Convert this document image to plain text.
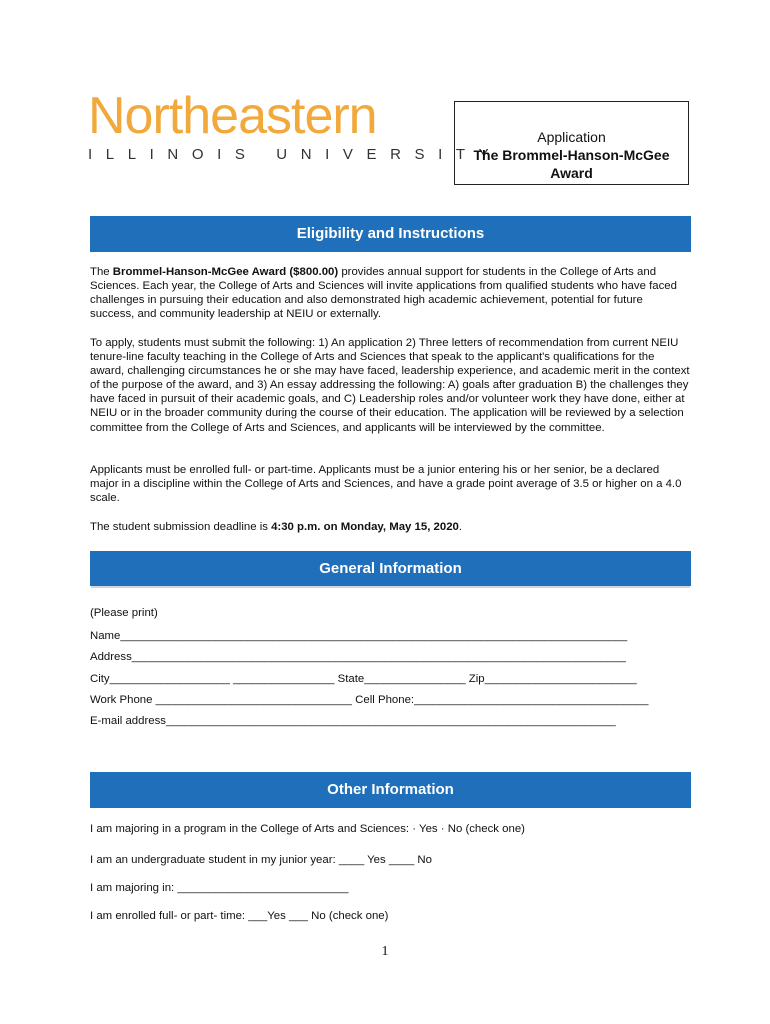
Northeastern
ILLINOIS UNIVERSITY
Application
The Brommel-Hanson-McGee
Award
Eligibility and Instructions

The Brommel-Hanson-McGee Award ($800.00) provides annual support for students in the College of Arts and Sciences. Each year, the College of Arts and Sciences will invite applications from qualified students who have faced challenges in pursuing their education and also demonstrated high academic achievement, potential for future success, and community leadership at NEIU or externally.

To apply, students must submit the following: 1) An application 2) Three letters of recommendation from current NEIU tenure-line faculty teaching in the College of Arts and Sciences that speak to the applicant's qualifications for the award, challenging circumstances he or she may have faced, leadership experience, and academic merit in the context of the purpose of the award, and 3) An essay addressing the following: A) goals after graduation B) the challenges they have faced in pursuit of their academic goals, and C) Leadership roles and/or volunteer work they have done, either at NEIU or in the broader community during the course of their education. The application will be reviewed by a selection committee from the College of Arts and Sciences, and applicants will be interviewed by the committee.
Applicants must be enrolled full- or part-time. Applicants must be a junior entering his or her senior, be a declared major in a discipline within the College of Arts and Sciences, and have a grade point average of 3.5 or higher on a 4.0 scale.

The student submission deadline is 4:30 p.m. on Monday, May 15, 2020.

General Information
(Please print)
Name________________________________________________________________________________
Address______________________________________________________________________________
City___________________ ________________ State________________ Zip________________________
Work Phone _______________________________ Cell Phone:_____________________________________
E-mail address_______________________________________________________________________
Other Information
I am majoring in a program in the College of Arts and Sciences: · Yes · No (check one)
I am an undergraduate student in my junior year: ____ Yes ____ No
I am majoring in: ___________________________
I am enrolled full- or part- time: ___Yes ___ No (check one)
1
